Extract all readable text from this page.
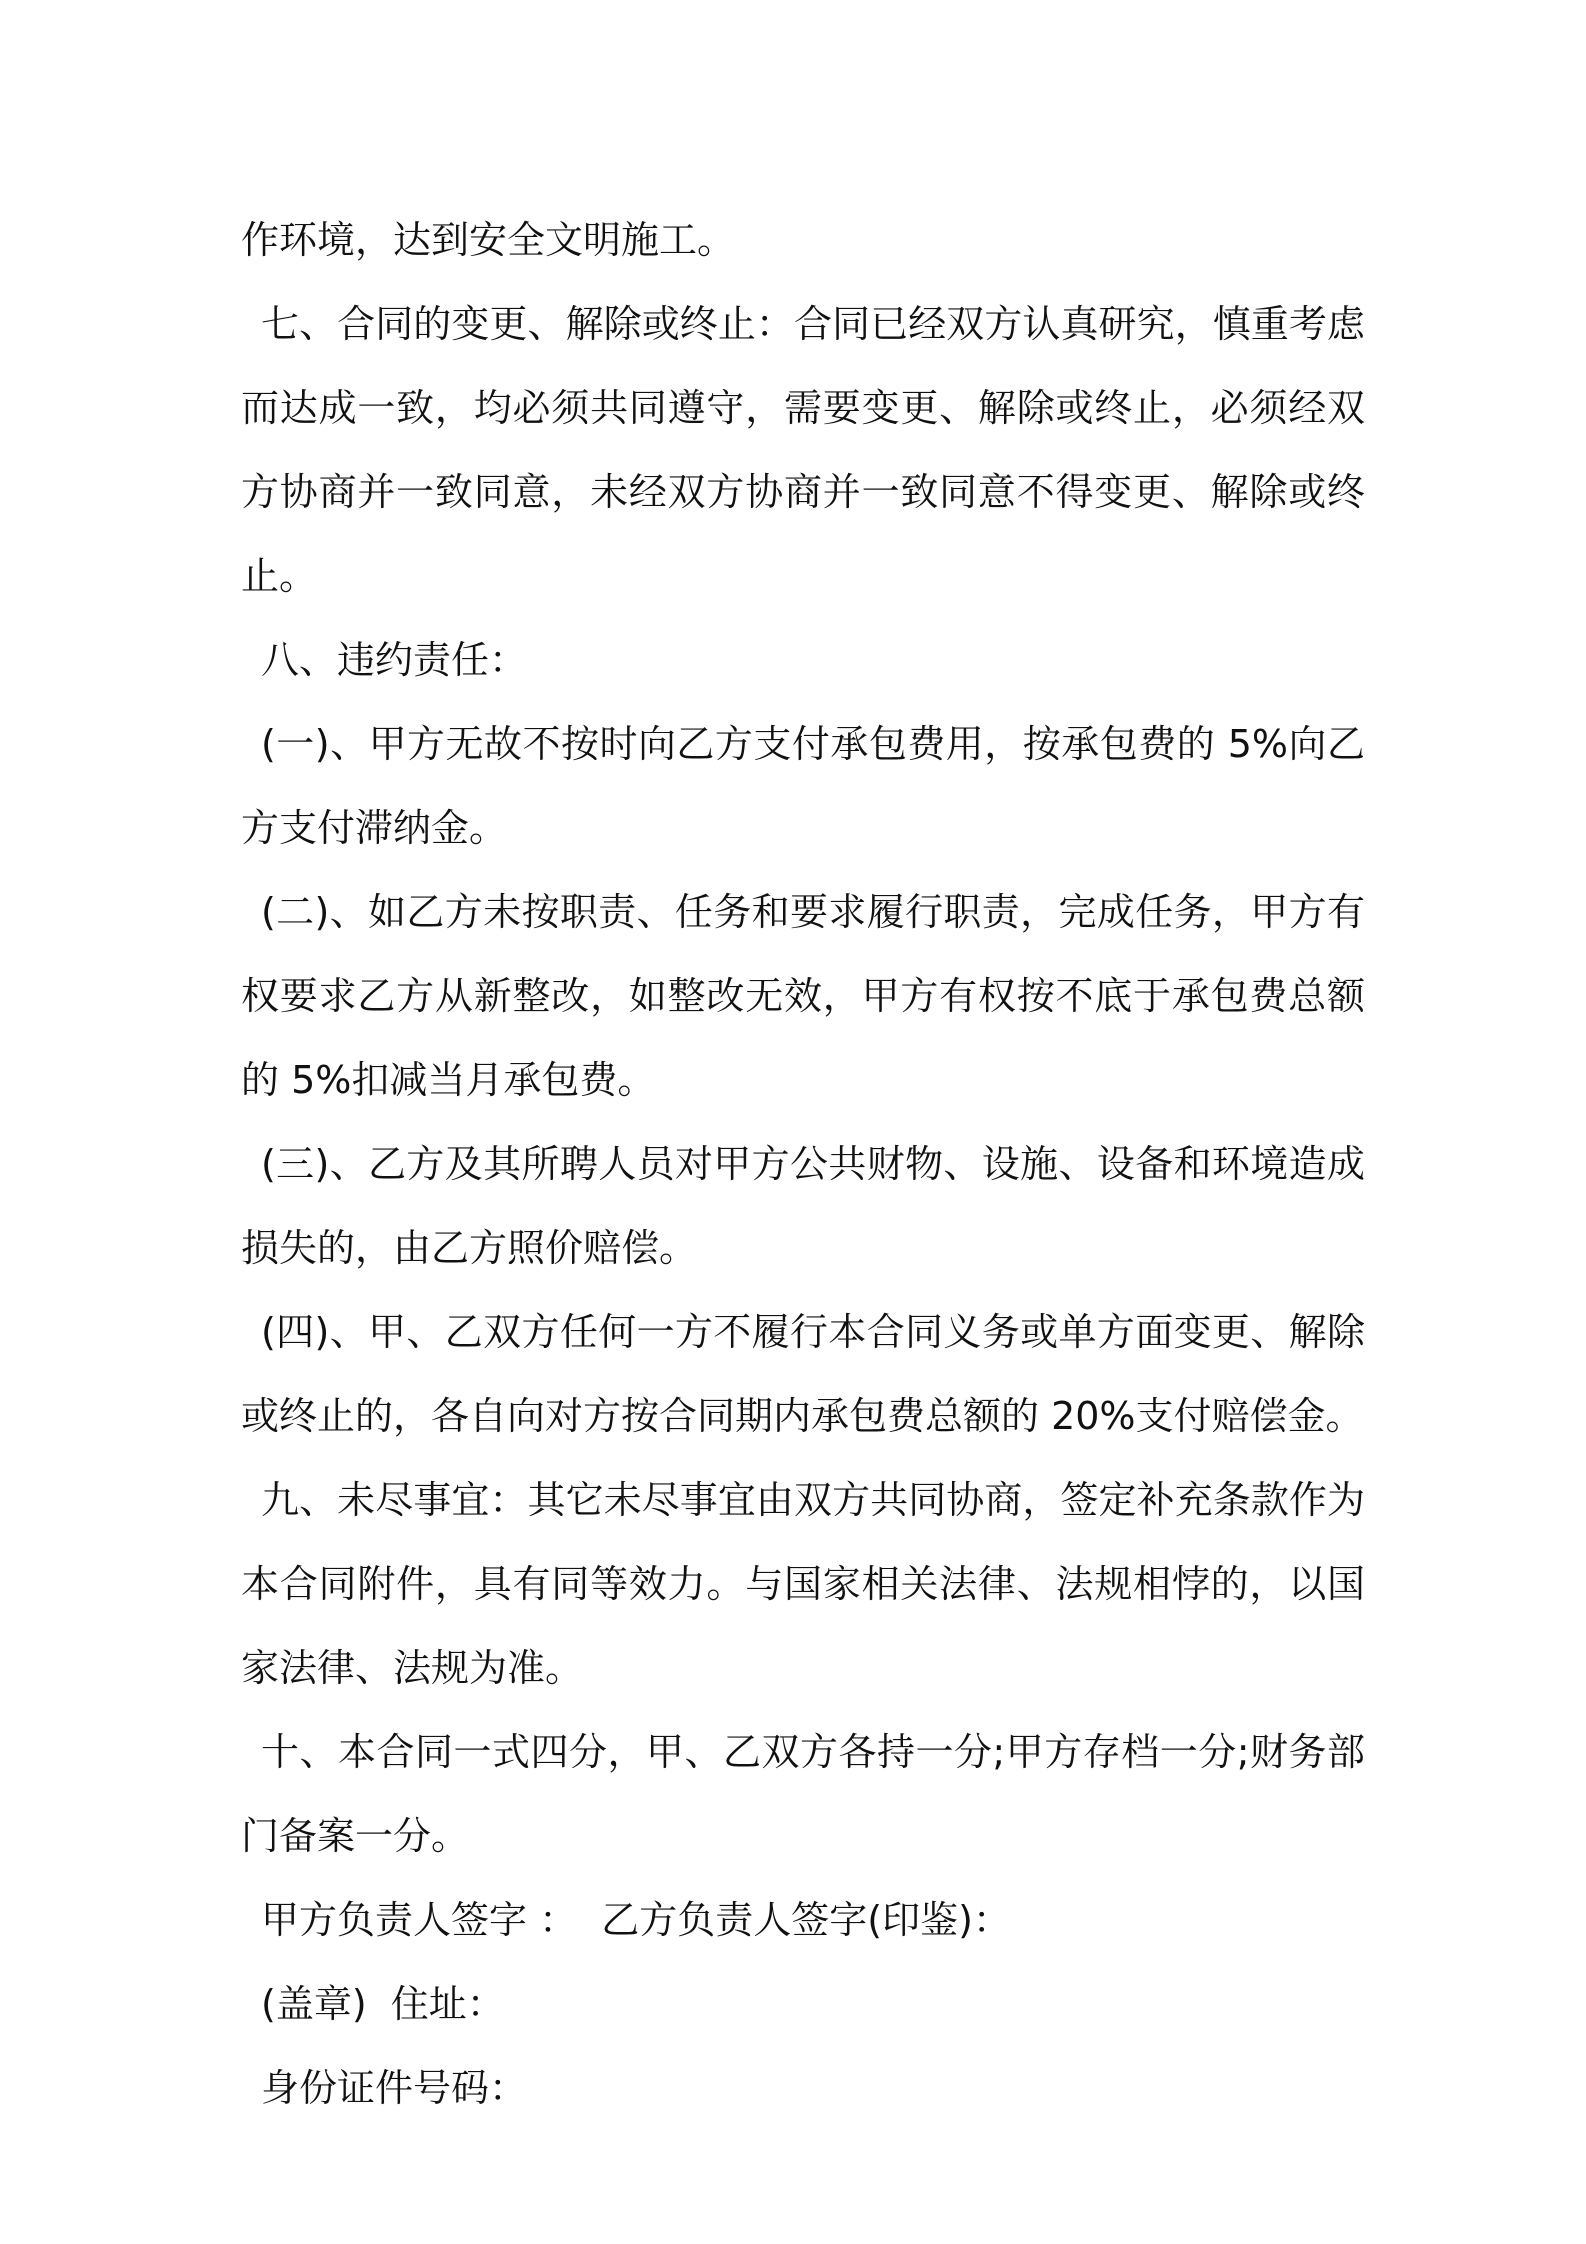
作环境，达到安全文明施工。

七、合同的变更、解除或终止：合同已经双方认真研究，慎重考虑而达成一致，均必须共同遵守，需要变更、解除或终止，必须经双方协商并一致同意，未经双方协商并一致同意不得变更、解除或终止。

八、违约责任：

(一)、甲方无故不按时向乙方支付承包费用，按承包费的 5%向乙方支付滞纳金。

(二)、如乙方未按职责、任务和要求履行职责，完成任务，甲方有权要求乙方从新整改，如整改无效，甲方有权按不底于承包费总额的 5%扣减当月承包费。

(三)、乙方及其所聘人员对甲方公共财物、设施、设备和环境造成损失的，由乙方照价赔偿。

(四)、甲、乙双方任何一方不履行本合同义务或单方面变更、解除或终止的，各自向对方按合同期内承包费总额的 20%支付赔偿金。

九、未尽事宜：其它未尽事宜由双方共同协商，签定补充条款作为本合同附件，具有同等效力。与国家相关法律、法规相悖的，以国家法律、法规为准。

十、本合同一式四分，甲、乙双方各持一分;甲方存档一分;财务部门备案一分。

甲方负责人签字 ：  乙方负责人签字(印鉴)：

(盖章)  住址：

身份证件号码：
